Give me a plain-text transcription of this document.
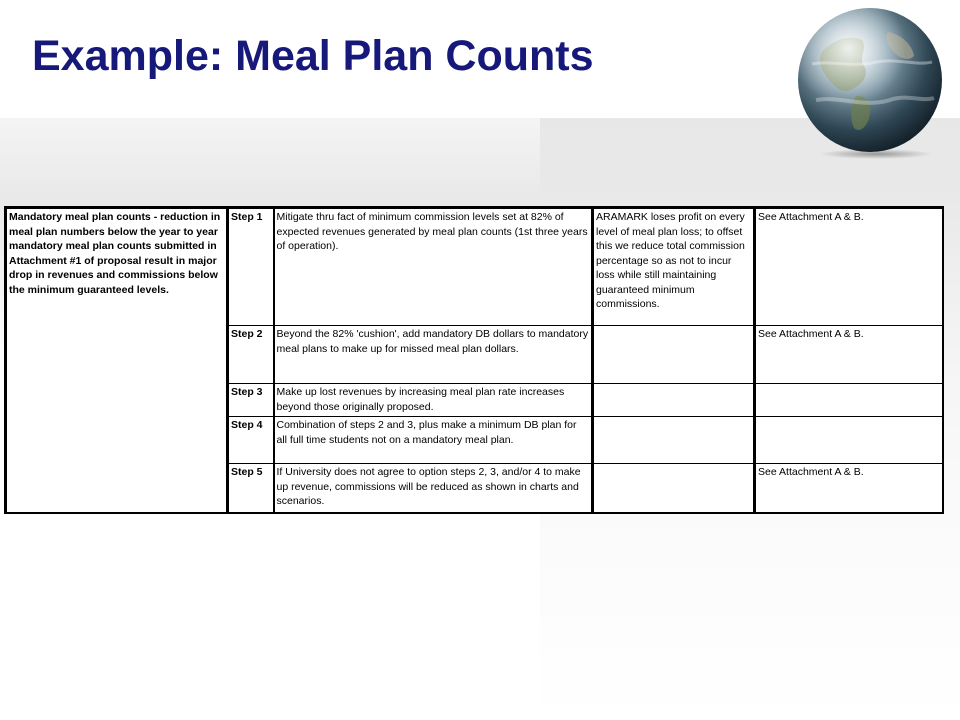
Example: Meal Plan Counts
Mandatory meal plan counts - reduction in meal plan numbers below the year to year mandatory meal plan counts submitted in Attachment #1 of proposal result in major drop in revenues and commissions below the minimum guaranteed levels.	Step 1	Mitigate thru fact of minimum commission levels set at 82% of expected revenues generated by meal plan counts (1st three years of operation).	ARAMARK loses profit on every level of meal plan loss; to offset this we reduce total commission percentage so as not to incur loss while still maintaining guaranteed minimum commissions.	See Attachment A & B.
	Step 2	Beyond the 82% 'cushion', add mandatory DB dollars to mandatory meal plans to make up for missed meal plan dollars.		See Attachment A & B.
	Step 3	Make up lost revenues by increasing meal plan rate increases beyond those originally proposed.		
	Step 4	Combination of steps 2 and 3, plus make a minimum DB plan for all full time students not on a mandatory meal plan.		
	Step 5	If University does not agree to option steps 2, 3, and/or 4 to make up revenue, commissions will be reduced as shown in charts and scenarios.		See Attachment A & B.
